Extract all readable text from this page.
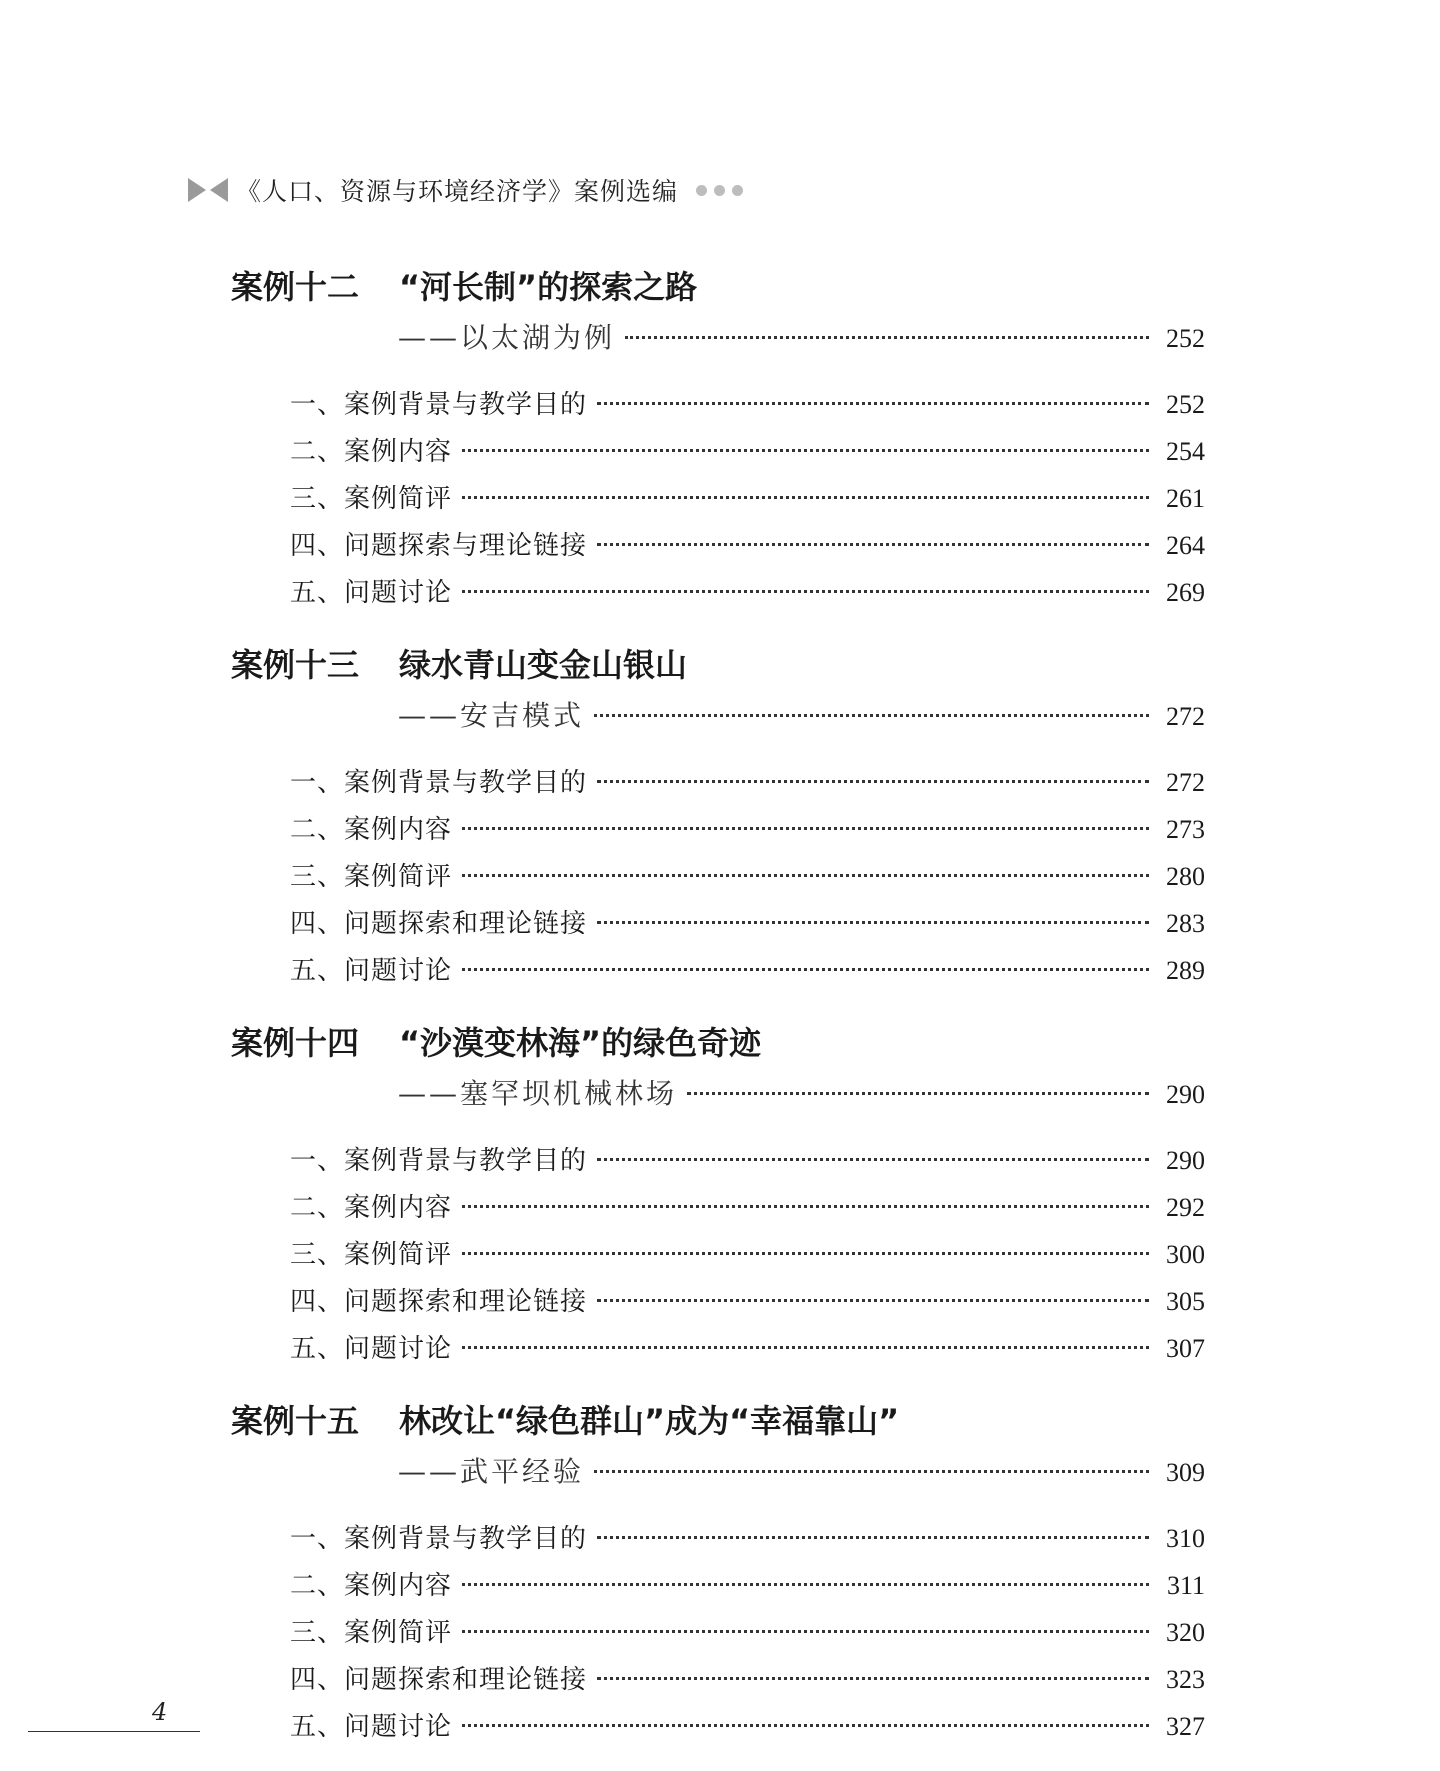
《人口、资源与环境经济学》案例选编
案例十二	“河长制”的探索之路
——以太湖为例	252
一、案例背景与教学目的	252
二、案例内容	254
三、案例简评	261
四、问题探索与理论链接	264
五、问题讨论	269
案例十三	绿水青山变金山银山
——安吉模式	272
一、案例背景与教学目的	272
二、案例内容	273
三、案例简评	280
四、问题探索和理论链接	283
五、问题讨论	289
案例十四	“沙漠变林海”的绿色奇迹
——塞罕坝机械林场	290
一、案例背景与教学目的	290
二、案例内容	292
三、案例简评	300
四、问题探索和理论链接	305
五、问题讨论	307
案例十五	林改让“绿色群山”成为“幸福靠山”
——武平经验	309
一、案例背景与教学目的	310
二、案例内容	311
三、案例简评	320
四、问题探索和理论链接	323
五、问题讨论	327
4
